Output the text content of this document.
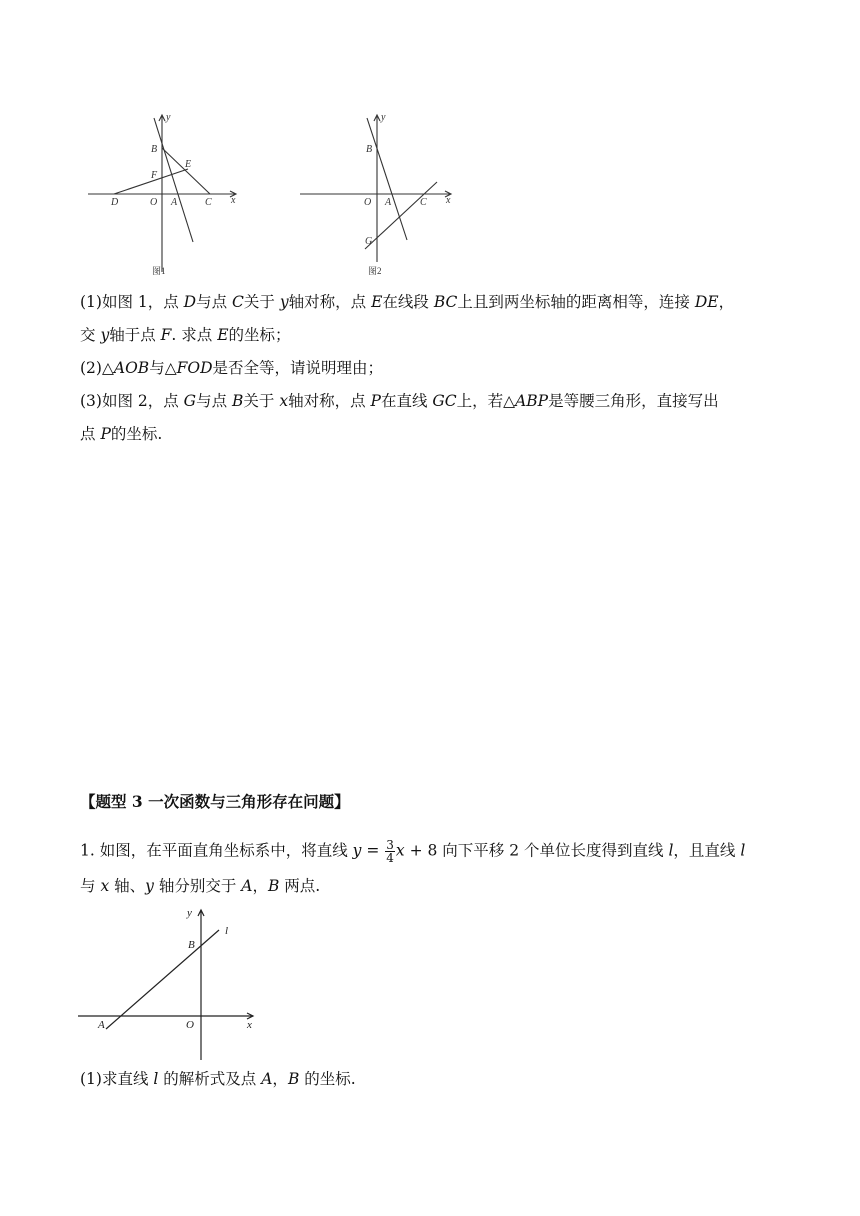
y
x
B
E
F
D	O A	C
图1
y
x
B
O A	C
G
图2
(1)如图 1，点 D与点 C关于 y轴对称，点 E在线段 BC上且到两坐标轴的距离相等，连接 DE，
交 y轴于点 F. 求点 E的坐标；
(2)△AOB与△FOD是否全等，请说明理由；
(3)如图 2，点 G与点 B关于 x轴对称，点 P在直线 GC上，若△ABP是等腰三角形，直接写出
点 P的坐标.
【题型 3 一次函数与三角形存在问题】
1. 如图，在平面直角坐标系中，将直线 $y = \frac{3}{4}$ x + 8 向下平移 2 个单位长度得到直线 l，且直线 l
与 x 轴、y 轴分别交于 A，B 两点.
y
x
l
B
A	O
(1)求直线 l 的解析式及点 A，B 的坐标.
